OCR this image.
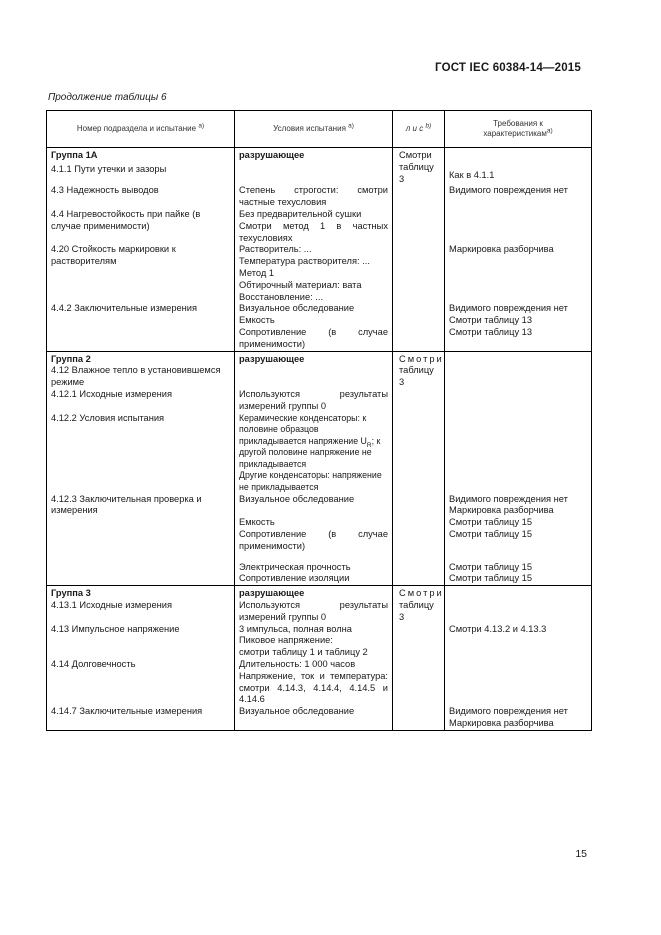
ГОСТ IEC 60384-14—2015
Продолжение таблицы 6
Номер подраздела и испытание $^{а)}$	Условия испытания $^{а)}$	л и с $^{b)}$	Требования к
характеристикам$^{а)}$
Группа 1А	разрушающее	Смотри
таблицу 3	

4.1.1 Пути утечки и зазоры			Как в 4.1.1
4.3 Надежность выводов	Степень строгости: смотри частные техусловия		Видимого повреждения нет
4.4 Нагревостойкость при пайке (в случае применимости)	Без предварительной сушки
Смотри метод 1 в частных техусловиях		

4.20 Стойкость маркировки к растворителям	Растворитель: ...
Температура растворителя: ...
Метод 1		Маркировка разборчива
	Обтирочный материал: вата		
	Восстановление: ...		
4.4.2 Заключительные измерения	Визуальное обследование		Видимого повреждения нет
	Емкость		Смотри таблицу 13
	Сопротивление (в случае применимости)		Смотри таблицу 13
Группа 2	разрушающее	Смотри
таблицу 3	

4.12 Влажное тепло в установившемся режиме			
4.12.1 Исходные измерения	Используются результаты измерений группы 0		
4.12.2 Условия испытания	Керамические конденсаторы: к половине образцов прикладывается напряжение $U_R$; к другой половине напряжение не прикладывается		
	Другие конденсаторы: напряжение не прикладывается		
4.12.3 Заключительная проверка и измерения	Визуальное обследование		Видимого повреждения нет
Маркировка разборчива

	Емкость		Смотри таблицу 15
	Сопротивление (в случае применимости)		Смотри таблицу 15
	Электрическая прочность		Смотри таблицу 15
	Сопротивление изоляции		Смотри таблицу 15
Группа 3	разрушающее	Смотри
таблицу 3	

4.13.1 Исходные измерения	Используются результаты измерений группы 0		
4.13 Импульсное напряжение	3 импульса, полная волна		Смотри 4.13.2 и 4.13.3

	Пиковое напряжение:
смотри таблицу 1 и таблицу 2		

4.14 Долговечность	Длительность: 1 000 часов		
	Напряжение, ток и температура: смотри 4.14.3, 4.14.4, 4.14.5 и 4.14.6		
4.14.7 Заключительные измерения	Визуальное обследование		Видимого повреждения нет
Маркировка разборчива
15
